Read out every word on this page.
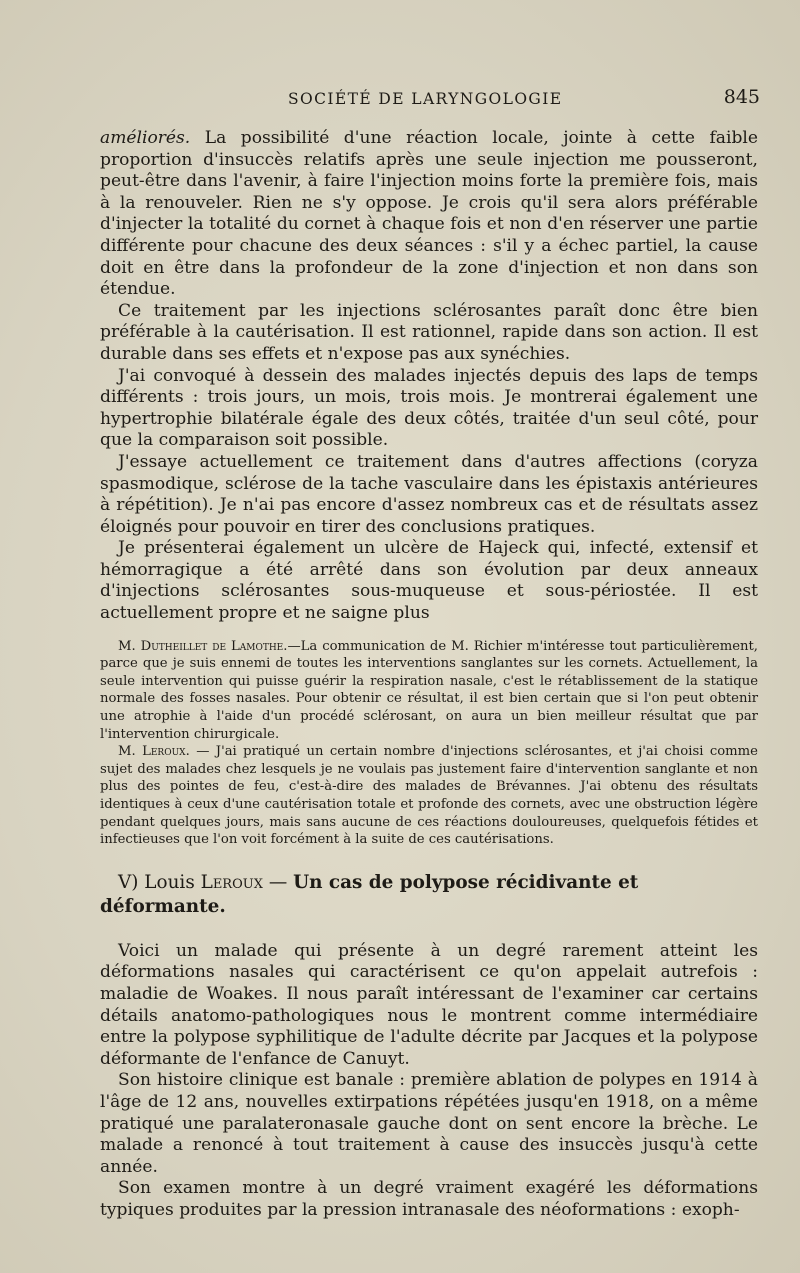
SOCIÉTÉ DE LARYNGOLOGIE	845

améliorés. La possibilité d'une réaction locale, jointe à cette faible proportion d'insuccès relatifs après une seule injection me pousseront, peut-être dans l'avenir, à faire l'injection moins forte la première fois, mais à la renouveler. Rien ne s'y oppose. Je crois qu'il sera alors préférable d'injecter la totalité du cornet à chaque fois et non d'en réserver une partie différente pour chacune des deux séances : s'il y a échec partiel, la cause doit en être dans la profondeur de la zone d'injection et non dans son étendue.

Ce traitement par les injections sclérosantes paraît donc être bien préférable à la cautérisation. Il est rationnel, rapide dans son action. Il est durable dans ses effets et n'expose pas aux synéchies.

J'ai convoqué à dessein des malades injectés depuis des laps de temps différents : trois jours, un mois, trois mois. Je montrerai également une hypertrophie bilatérale égale des deux côtés, traitée d'un seul côté, pour que la comparaison soit possible.

J'essaye actuellement ce traitement dans d'autres affections (coryza spasmodique, sclérose de la tache vasculaire dans les épistaxis antérieures à répétition). Je n'ai pas encore d'assez nombreux cas et de résultats assez éloignés pour pouvoir en tirer des conclusions pratiques.

Je présenterai également un ulcère de Hajeck qui, infecté, extensif et hémorragique a été arrêté dans son évolution par deux anneaux d'injections sclérosantes sous-muqueuse et sous-périostée. Il est actuellement propre et ne saigne plus

M. Dutheillet de Lamothe.—La communication de M. Richier m'intéresse tout particulièrement, parce que je suis ennemi de toutes les interventions sanglantes sur les cornets. Actuellement, la seule intervention qui puisse guérir la respiration nasale, c'est le rétablissement de la statique normale des fosses nasales. Pour obtenir ce résultat, il est bien certain que si l'on peut obtenir une atrophie à l'aide d'un procédé sclérosant, on aura un bien meilleur résultat que par l'intervention chirurgicale.

M. Leroux. — J'ai pratiqué un certain nombre d'injections sclérosantes, et j'ai choisi comme sujet des malades chez lesquels je ne voulais pas justement faire d'intervention sanglante et non plus des pointes de feu, c'est-à-dire des malades de Brévannes. J'ai obtenu des résultats identiques à ceux d'une cautérisation totale et profonde des cornets, avec une obstruction légère pendant quelques jours, mais sans aucune de ces réactions douloureuses, quelquefois fétides et infectieuses que l'on voit forcément à la suite de ces cautérisations.

V) Louis Leroux — Un cas de polypose récidivante et déformante.

Voici un malade qui présente à un degré rarement atteint les déformations nasales qui caractérisent ce qu'on appelait autrefois : maladie de Woakes. Il nous paraît intéressant de l'examiner car certains détails anatomo-pathologiques nous le montrent comme intermédiaire entre la polypose syphilitique de l'adulte décrite par Jacques et la polypose déformante de l'enfance de Canuyt.

Son histoire clinique est banale : première ablation de polypes en 1914 à l'âge de 12 ans, nouvelles extirpations répétées jusqu'en 1918, on a même pratiqué une paralateronasale gauche dont on sent encore la brèche. Le malade a renoncé à tout traitement à cause des insuccès jusqu'à cette année.

Son examen montre à un degré vraiment exagéré les déformations typiques produites par la pression intranasale des néoformations : exoph-
